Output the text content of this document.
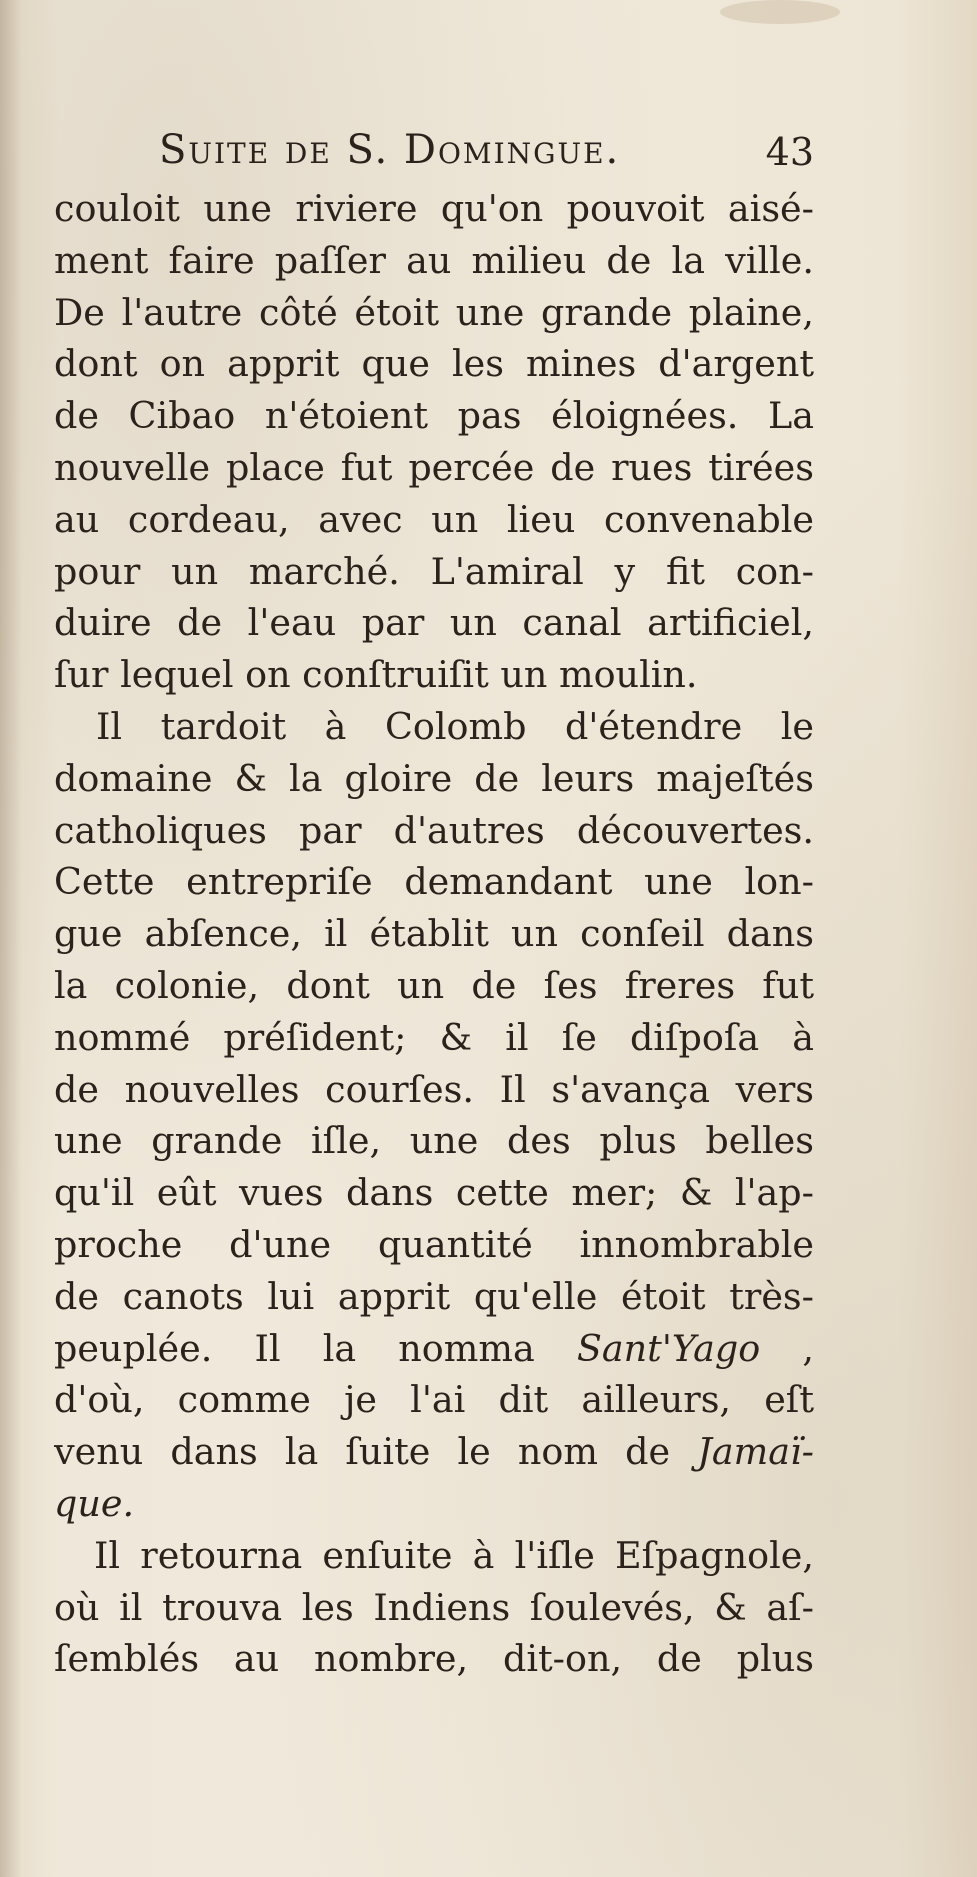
Suite de S. Domingue.	43
couloit une riviere qu'on pouvoit aisé-
ment faire paſſer au milieu de la ville.
De l'autre côté étoit une grande plaine,
dont on apprit que les mines d'argent
de Cibao n'étoient pas éloignées. La
nouvelle place fut percée de rues tirées
au cordeau, avec un lieu convenable
pour un marché. L'amiral y fit con-
duire de l'eau par un canal artificiel,
ſur lequel on conſtruiſit un moulin.
Il tardoit à Colomb d'étendre le
domaine & la gloire de leurs majeſtés
catholiques par d'autres découvertes.
Cette entrepriſe demandant une lon-
gue abſence, il établit un conſeil dans
la colonie, dont un de ſes freres fut
nommé préſident; & il ſe diſpoſa à
de nouvelles courſes. Il s'avança vers
une grande iſle, une des plus belles
qu'il eût vues dans cette mer; & l'ap-
proche d'une quantité innombrable
de canots lui apprit qu'elle étoit très-
peuplée. Il la nomma Sant'Yago ,
d'où, comme je l'ai dit ailleurs, eſt
venu dans la ſuite le nom de Jamaï-
que.
Il retourna enſuite à l'iſle Eſpagnole,
où il trouva les Indiens ſoulevés, & aſ-
ſemblés au nombre, dit-on, de plus
